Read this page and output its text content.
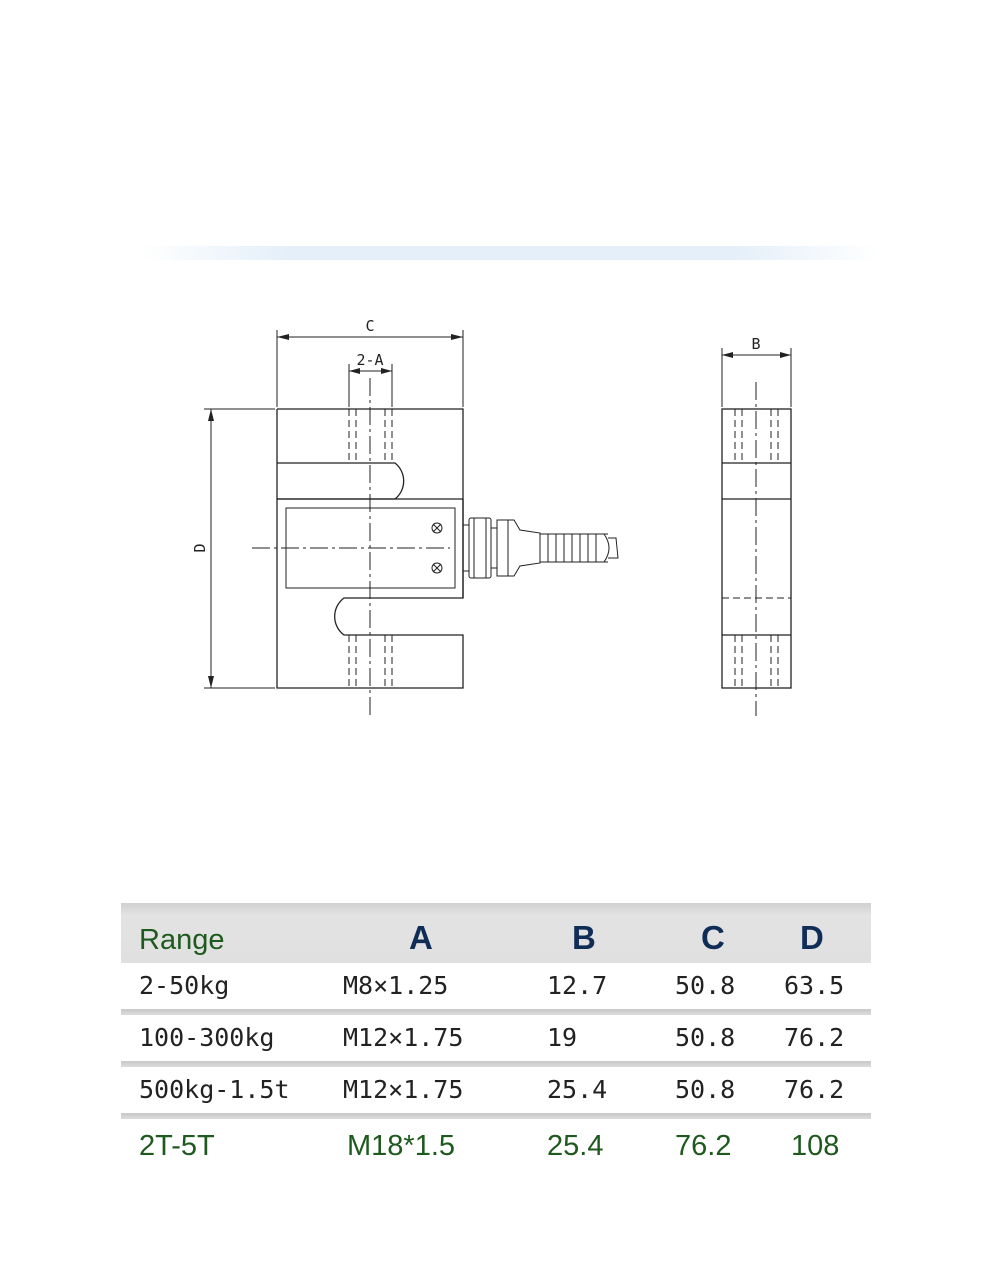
C
2-A
D
B
Range	A	B	C D
2-50kg	M8×1.25	12.7	50.8 63.5
100-300kg	M12×1.75	19	50.8 76.2
500kg-1.5t M12×1.75	25.4	50.8 76.2
2T-5T	M18*1.5	25.4 76.2 108
